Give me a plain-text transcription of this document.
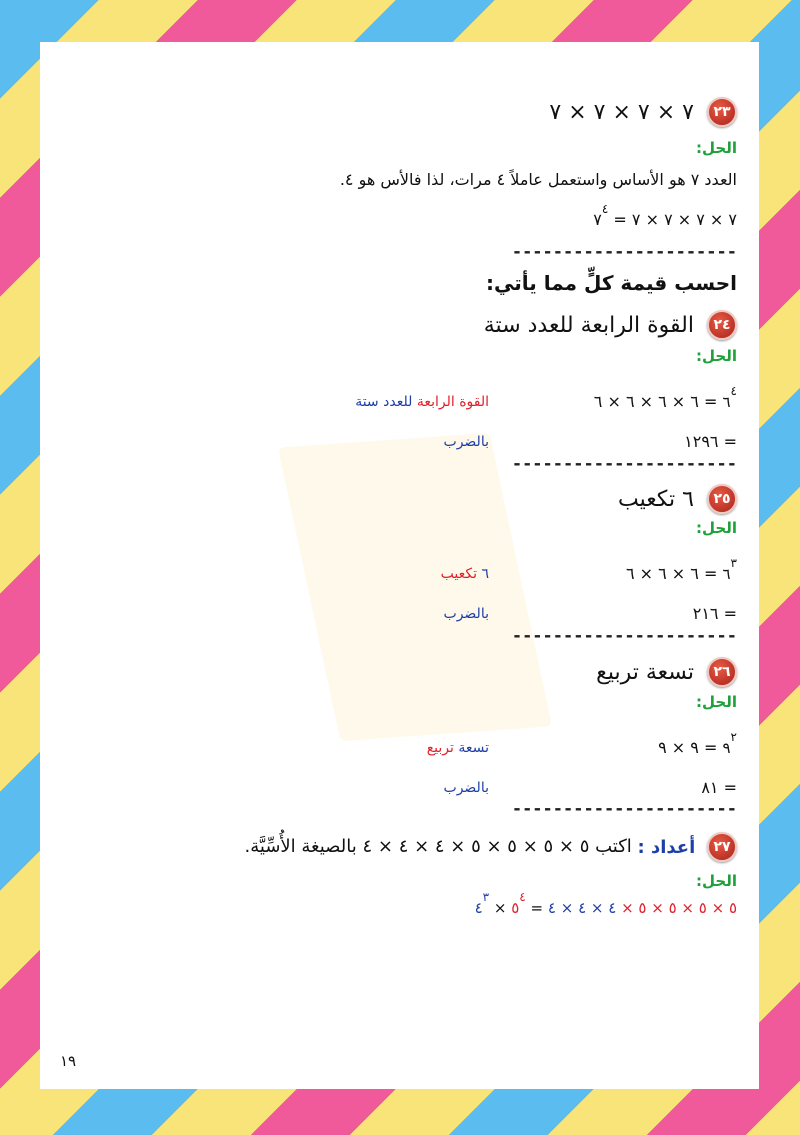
٢٣ ٧ × ٧ × ٧ × ٧
الحل:
العدد ٧ هو الأساس واستعمل عاملاً ٤ مرات، لذا فالأس هو ٤.
٧ × ٧ × ٧ × ٧ = $٧^٤$
----------------------
احسب قيمة كلٍّ مما يأتي:
٢٤ القوة الرابعة للعدد ستة
الحل:
$٦^٤$ = ٦ × ٦ × ٦ × ٦
القوة الرابعة للعدد ستة
= ١٢٩٦
بالضرب
----------------------
٢٥ ٦ تكعيب
الحل:
$٦^٣$ = ٦ × ٦ × ٦
٦ تكعيب
= ٢١٦
بالضرب
----------------------
٢٦ تسعة تربيع
الحل:
$٩^٢$ = ٩ × ٩
تسعة تربيع
= ٨١
بالضرب
----------------------
٢٧ أعداد : اكتب ٥ × ٥ × ٥ × ٥ × ٤ × ٤ × ٤ بالصيغة الأُسِّيَّة.
الحل:
٥ × ٥ × ٥ × ٥ × ٤ × ٤ × ٤ = $٥^٤$ × $٤^٣$
١٩
